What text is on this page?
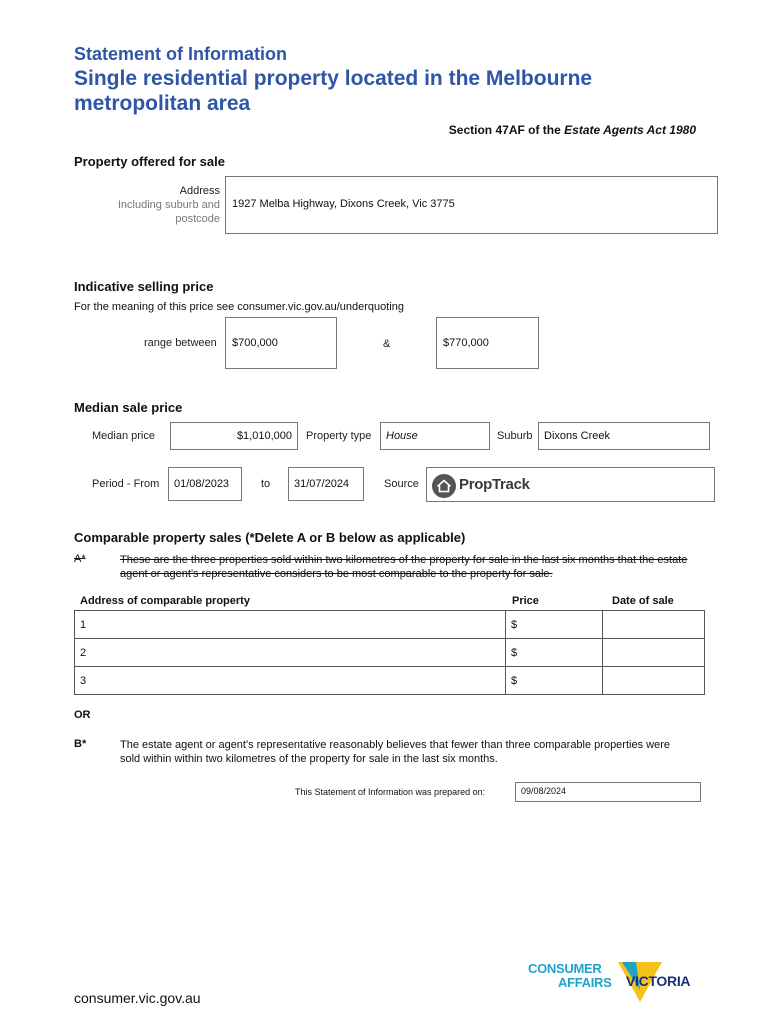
Statement of Information
Single residential property located in the Melbourne metropolitan area
Section 47AF of the Estate Agents Act 1980
Property offered for sale
Address
Including suburb and
postcode
1927 Melba Highway, Dixons Creek, Vic 3775
Indicative selling price
For the meaning of this price see consumer.vic.gov.au/underquoting
range between $700,000	&	$770,000
Median sale price
Median price	$1,010,000 Property type House	Suburb Dixons Creek
Period - From 01/08/2023	to 31/07/2024	Source	PropTrack
Comparable property sales (*Delete A or B below as applicable)
A*	These are the three properties sold within two kilometres of the property for sale in the last six months that the estate agent or agent's representative considers to be most comparable to the property for sale.
Address of comparable property	Price	Date of sale
1	$	
2	$	
3	$	
OR
B*	The estate agent or agent's representative reasonably believes that fewer than three comparable properties were sold within within two kilometres of the property for sale in the last six months.
This Statement of Information was prepared on:	09/08/2024
CONSUMER
AFFAIRS VICTORIA
consumer.vic.gov.au
